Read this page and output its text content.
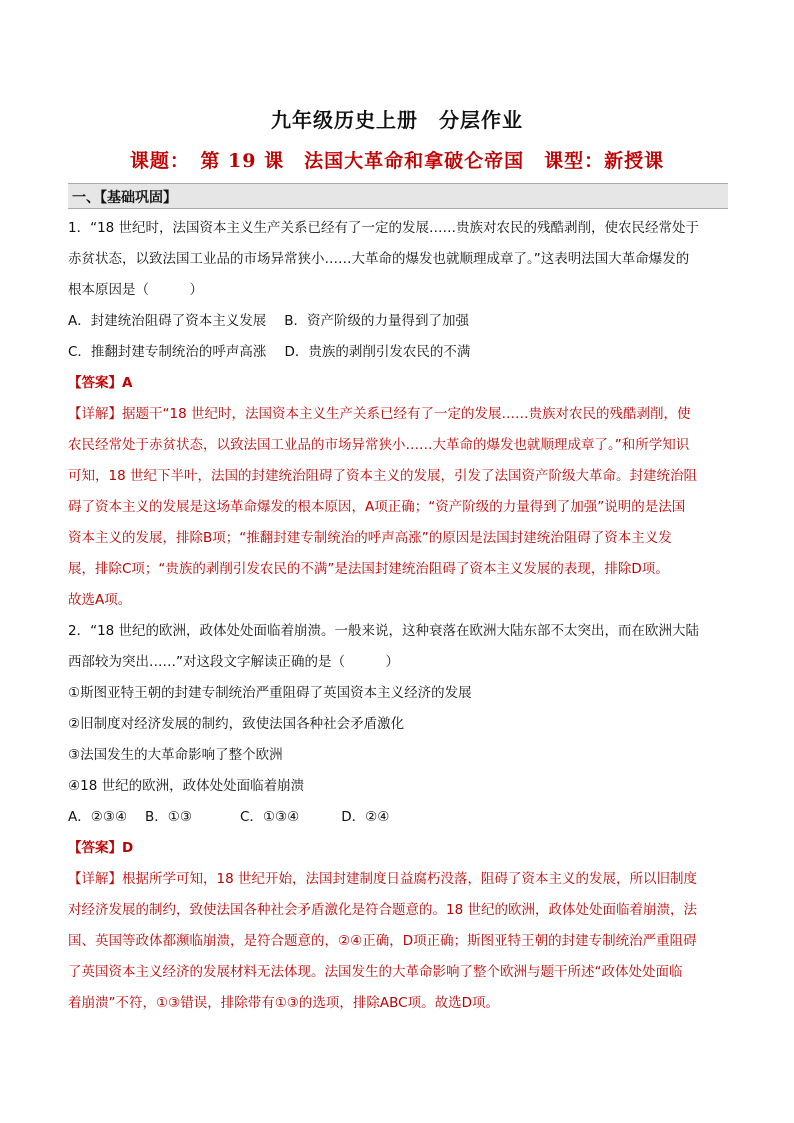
九年级历史上册　分层作业
课题：　第 19 课　法国大革命和拿破仑帝国　课型：新授课
一、【基础巩固】
1．“18 世纪时，法国资本主义生产关系已经有了一定的发展……贵族对农民的残酷剥削，使农民经常处于
赤贫状态，以致法国工业品的市场异常狭小……大革命的爆发也就顺理成章了。”这表明法国大革命爆发的
根本原因是（　　　）
A．封建统治阻碍了资本主义发展 B．资产阶级的力量得到了加强
C．推翻封建专制统治的呼声高涨 D．贵族的剥削引发农民的不满
【答案】A
【详解】据题干“18 世纪时，法国资本主义生产关系已经有了一定的发展……贵族对农民的残酷剥削，使
农民经常处于赤贫状态，以致法国工业品的市场异常狭小……大革命的爆发也就顺理成章了。”和所学知识
可知，18 世纪下半叶，法国的封建统治阻碍了资本主义的发展，引发了法国资产阶级大革命。封建统治阻
碍了资本主义的发展是这场革命爆发的根本原因，A项正确；“资产阶级的力量得到了加强”说明的是法国
资本主义的发展，排除B项；“推翻封建专制统治的呼声高涨”的原因是法国封建统治阻碍了资本主义发
展，排除C项；“贵族的剥削引发农民的不满”是法国封建统治阻碍了资本主义发展的表现，排除D项。
故选A项。
2．“18 世纪的欧洲，政体处处面临着崩溃。一般来说，这种衰落在欧洲大陆东部不太突出，而在欧洲大陆
西部较为突出……”对这段文字解读正确的是（　　　）
①斯图亚特王朝的封建专制统治严重阻碍了英国资本主义经济的发展
②旧制度对经济发展的制约，致使法国各种社会矛盾激化
③法国发生的大革命影响了整个欧洲
④18 世纪的欧洲，政体处处面临着崩溃
A．②③④ B．①③	C．①③④	D．②④
【答案】D
【详解】根据所学可知，18 世纪开始，法国封建制度日益腐朽没落，阻碍了资本主义的发展，所以旧制度
对经济发展的制约，致使法国各种社会矛盾激化是符合题意的。18 世纪的欧洲，政体处处面临着崩溃，法
国、英国等政体都濒临崩溃，是符合题意的，②④正确，D项正确；斯图亚特王朝的封建专制统治严重阻碍
了英国资本主义经济的发展材料无法体现。法国发生的大革命影响了整个欧洲与题干所述“政体处处面临
着崩溃”不符，①③错误，排除带有①③的选项，排除ABC项。故选D项。
